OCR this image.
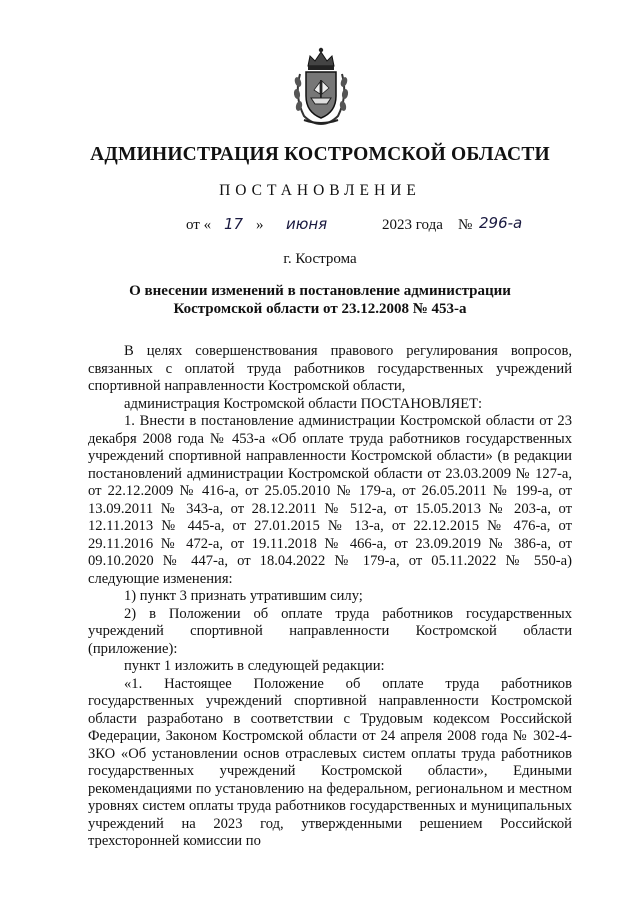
АДМИНИСТРАЦИЯ КОСТРОМСКОЙ ОБЛАСТИ
ПОСТАНОВЛЕНИЕ
от « 17 » июня	2023 года № 296-а
г. Кострома
О внесении изменений в постановление администрации
Костромской области от 23.12.2008 № 453-а

В целях совершенствования правового регулирования вопросов, связанных с оплатой труда работников государственных учреждений спортивной направленности Костромской области,

администрация Костромской области ПОСТАНОВЛЯЕТ:

1. Внести в постановление администрации Костромской области от 23 декабря 2008 года № 453-а «Об оплате труда работников государственных учреждений спортивной направленности Костромской области» (в редакции постановлений администрации Костромской области от 23.03.2009 № 127-а, от 22.12.2009 № 416-а, от 25.05.2010 № 179-а, от 26.05.2011 № 199-а, от 13.09.2011 № 343-а, от 28.12.2011 № 512-а, от 15.05.2013 № 203-а, от 12.11.2013 № 445-а, от 27.01.2015 № 13-а, от 22.12.2015 № 476-а, от 29.11.2016 № 472-а, от 19.11.2018 № 466-а, от 23.09.2019 № 386-а, от 09.10.2020 № 447-а, от 18.04.2022 № 179-а, от 05.11.2022 № 550-а) следующие изменения:

1) пункт 3 признать утратившим силу;

2) в Положении об оплате труда работников государственных учреждений спортивной направленности Костромской области (приложение):

пункт 1 изложить в следующей редакции:

«1. Настоящее Положение об оплате труда работников государственных учреждений спортивной направленности Костромской области разработано в соответствии с Трудовым кодексом Российской Федерации, Законом Костромской области от 24 апреля 2008 года № 302-4-ЗКО «Об установлении основ отраслевых систем оплаты труда работников государственных учреждений Костромской области», Едиными рекомендациями по установлению на федеральном, региональном и местном уровнях систем оплаты труда работников государственных и муниципальных учреждений на 2023 год, утвержденными решением Российской трехсторонней комиссии по
